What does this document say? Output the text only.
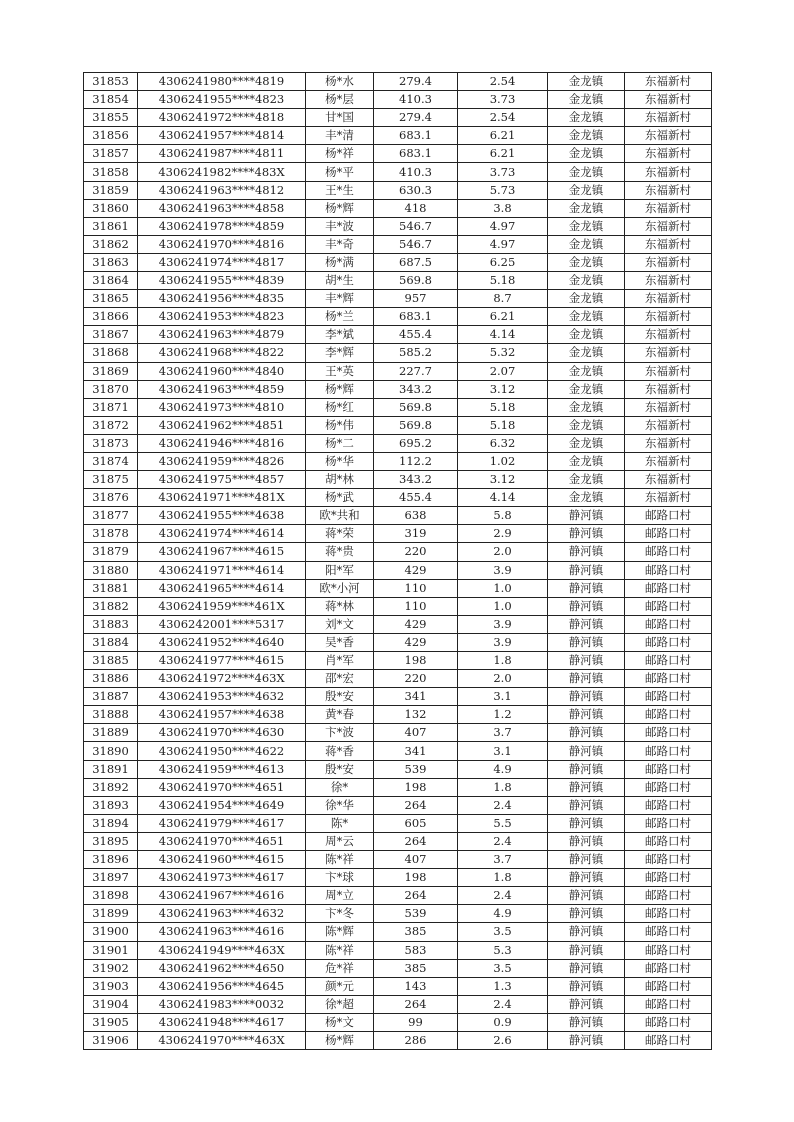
31853	4306241980****4819	杨*水	279.4	2.54	金龙镇	东福新村
31854	4306241955****4823	杨*层	410.3	3.73	金龙镇	东福新村
31855	4306241972****4818	甘*国	279.4	2.54	金龙镇	东福新村
31856	4306241957****4814	丰*清	683.1	6.21	金龙镇	东福新村
31857	4306241987****4811	杨*祥	683.1	6.21	金龙镇	东福新村
31858	4306241982****483X	杨*平	410.3	3.73	金龙镇	东福新村
31859	4306241963****4812	王*生	630.3	5.73	金龙镇	东福新村
31860	4306241963****4858	杨*辉	418	3.8	金龙镇	东福新村
31861	4306241978****4859	丰*波	546.7	4.97	金龙镇	东福新村
31862	4306241970****4816	丰*奇	546.7	4.97	金龙镇	东福新村
31863	4306241974****4817	杨*满	687.5	6.25	金龙镇	东福新村
31864	4306241955****4839	胡*生	569.8	5.18	金龙镇	东福新村
31865	4306241956****4835	丰*辉	957	8.7	金龙镇	东福新村
31866	4306241953****4823	杨*兰	683.1	6.21	金龙镇	东福新村
31867	4306241963****4879	李*斌	455.4	4.14	金龙镇	东福新村
31868	4306241968****4822	李*辉	585.2	5.32	金龙镇	东福新村
31869	4306241960****4840	王*英	227.7	2.07	金龙镇	东福新村
31870	4306241963****4859	杨*辉	343.2	3.12	金龙镇	东福新村
31871	4306241973****4810	杨*红	569.8	5.18	金龙镇	东福新村
31872	4306241962****4851	杨*伟	569.8	5.18	金龙镇	东福新村
31873	4306241946****4816	杨*二	695.2	6.32	金龙镇	东福新村
31874	4306241959****4826	杨*华	112.2	1.02	金龙镇	东福新村
31875	4306241975****4857	胡*林	343.2	3.12	金龙镇	东福新村
31876	4306241971****481X	杨*武	455.4	4.14	金龙镇	东福新村
31877	4306241955****4638	欧*共和	638	5.8	静河镇	邮路口村
31878	4306241974****4614	蒋*荣	319	2.9	静河镇	邮路口村
31879	4306241967****4615	蒋*贵	220	2.0	静河镇	邮路口村
31880	4306241971****4614	阳*军	429	3.9	静河镇	邮路口村
31881	4306241965****4614	欧*小河	110	1.0	静河镇	邮路口村
31882	4306241959****461X	蒋*林	110	1.0	静河镇	邮路口村
31883	4306242001****5317	刘*文	429	3.9	静河镇	邮路口村
31884	4306241952****4640	吴*香	429	3.9	静河镇	邮路口村
31885	4306241977****4615	肖*军	198	1.8	静河镇	邮路口村
31886	4306241972****463X	邵*宏	220	2.0	静河镇	邮路口村
31887	4306241953****4632	殷*安	341	3.1	静河镇	邮路口村
31888	4306241957****4638	黄*春	132	1.2	静河镇	邮路口村
31889	4306241970****4630	卞*波	407	3.7	静河镇	邮路口村
31890	4306241950****4622	蒋*香	341	3.1	静河镇	邮路口村
31891	4306241959****4613	殷*安	539	4.9	静河镇	邮路口村
31892	4306241970****4651	徐*	198	1.8	静河镇	邮路口村
31893	4306241954****4649	徐*华	264	2.4	静河镇	邮路口村
31894	4306241979****4617	陈*	605	5.5	静河镇	邮路口村
31895	4306241970****4651	周*云	264	2.4	静河镇	邮路口村
31896	4306241960****4615	陈*祥	407	3.7	静河镇	邮路口村
31897	4306241973****4617	卞*球	198	1.8	静河镇	邮路口村
31898	4306241967****4616	周*立	264	2.4	静河镇	邮路口村
31899	4306241963****4632	卞*冬	539	4.9	静河镇	邮路口村
31900	4306241963****4616	陈*辉	385	3.5	静河镇	邮路口村
31901	4306241949****463X	陈*祥	583	5.3	静河镇	邮路口村
31902	4306241962****4650	危*祥	385	3.5	静河镇	邮路口村
31903	4306241956****4645	颜*元	143	1.3	静河镇	邮路口村
31904	4306241983****0032	徐*超	264	2.4	静河镇	邮路口村
31905	4306241948****4617	杨*文	99	0.9	静河镇	邮路口村
31906	4306241970****463X	杨*辉	286	2.6	静河镇	邮路口村
